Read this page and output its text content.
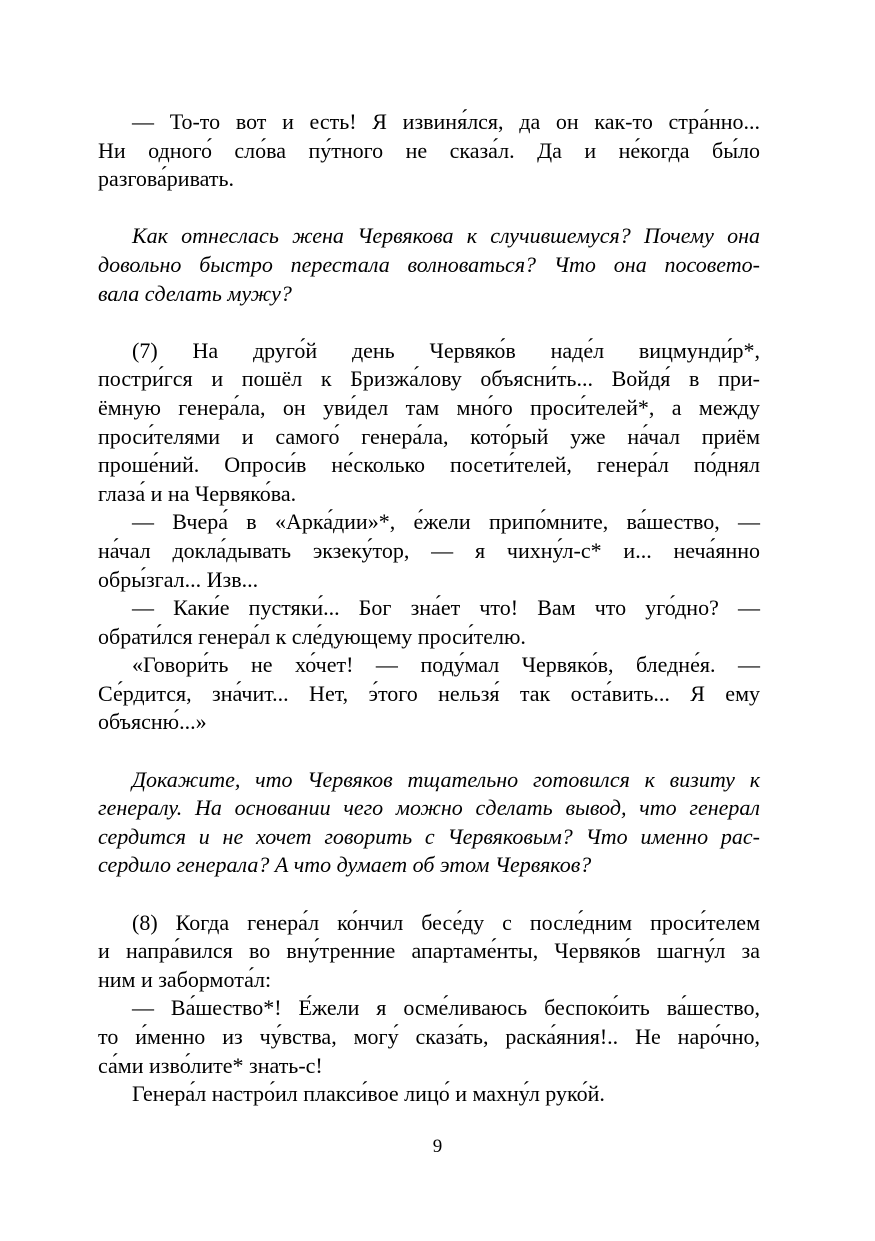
— То-то вот и есть! Я извиня́лся, да он как-то стра́нно...
Ни одного́ сло́ва пу́тного не сказа́л. Да и не́когда бы́ло
разгова́ривать.
Как отнеслась жена Червякова к случившемуся? Почему она
довольно быстро перестала волноваться? Что она посовето-
вала сделать мужу?
(7) На друго́й день Червяко́в наде́л вицмунди́р*,
постри́гся и пошёл к Бризжа́лову объясни́ть... Войдя́ в при-
ёмную генера́ла, он уви́дел там мно́го проси́телей*, а между
проси́телями и самого́ генера́ла, кото́рый уже на́чал приём
проше́ний. Опроси́в не́сколько посети́телей, генера́л по́днял
глаза́ и на Червяко́ва.
— Вчера́ в «Арка́дии»*, е́жели припо́мните, ва́шество, —
на́чал докла́дывать экзеку́тор, — я чихну́л-с* и... неча́янно
обры́згал... Изв...
— Каки́е пустяки́... Бог зна́ет что! Вам что уго́дно? —
обрати́лся генера́л к сле́дующему проси́телю.
«Говори́ть не хо́чет! — поду́мал Червяко́в, бледне́я. —
Се́рдится, зна́чит... Нет, э́того нельзя́ так оста́вить... Я ему
объясню́...»
Докажите, что Червяков тщательно готовился к визиту к
генералу. На основании чего можно сделать вывод, что генерал
сердится и не хочет говорить с Червяковым? Что именно рас-
сердило генерала? А что думает об этом Червяков?
(8) Когда генера́л ко́нчил бесе́ду с после́дним проси́телем
и напра́вился во вну́тренние апартаме́нты, Червяко́в шагну́л за
ним и забормота́л:
— Ва́шество*! Е́жели я осме́ливаюсь беспоко́ить ва́шество,
то и́менно из чу́вства, могу́ сказа́ть, раска́яния!.. Не наро́чно,
са́ми изво́лите* знать-с!
Генера́л настро́ил плакси́вое лицо́ и махну́л руко́й.
9
